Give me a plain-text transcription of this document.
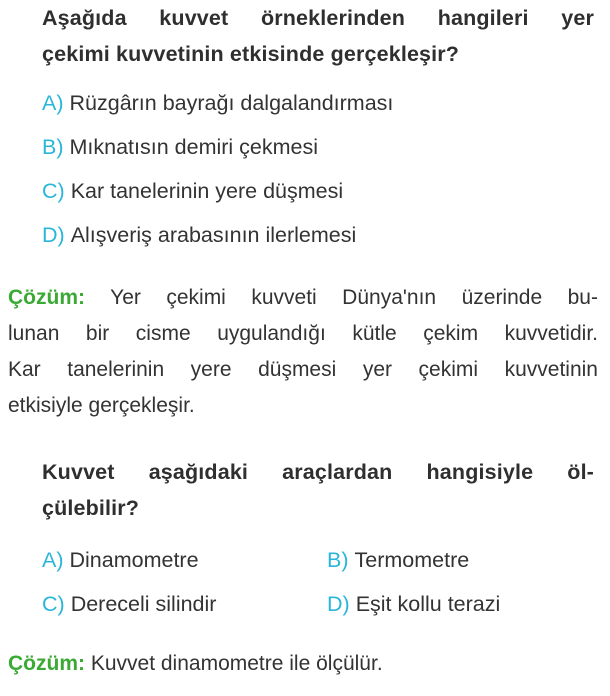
Aşağıda kuvvet örneklerinden hangileri yer
çekimi kuvvetinin etkisinde gerçekleşir?
A) Rüzgârın bayrağı dalgalandırması
B) Mıknatısın demiri çekmesi
C) Kar tanelerinin yere düşmesi
D) Alışveriş arabasının ilerlemesi
Çözüm: Yer çekimi kuvveti Dünya'nın üzerinde bu-
lunan bir cisme uygulandığı kütle çekim kuvvetidir.
Kar tanelerinin yere düşmesi yer çekimi kuvvetinin
etkisiyle gerçekleşir.
Kuvvet aşağıdaki araçlardan hangisiyle öl-
çülebilir?
A) Dinamometre	B) Termometre
C) Dereceli silindir	D) Eşit kollu terazi
Çözüm: Kuvvet dinamometre ile ölçülür.
